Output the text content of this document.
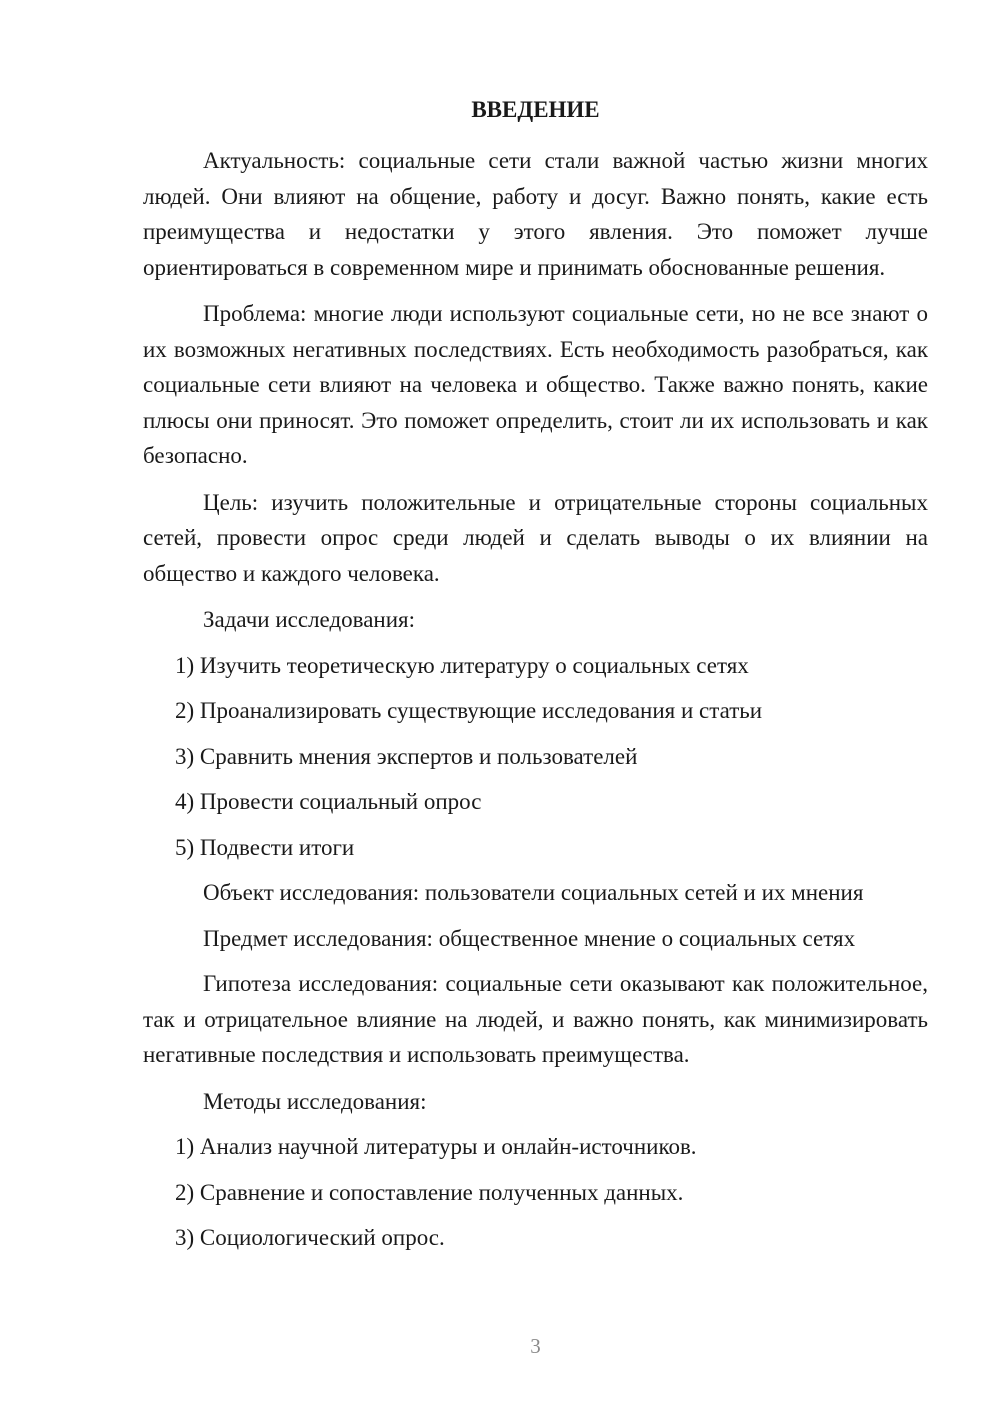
ВВЕДЕНИЕ

Актуальность: социальные сети стали важной частью жизни многих людей. Они влияют на общение, работу и досуг. Важно понять, какие есть преимущества и недостатки у этого явления. Это поможет лучше ориентироваться в современном мире и принимать обоснованные решения.

Проблема: многие люди используют социальные сети, но не все знают о их возможных негативных последствиях. Есть необходимость разобраться, как социальные сети влияют на человека и общество. Также важно понять, какие плюсы они приносят. Это поможет определить, стоит ли их использовать и как безопасно.

Цель: изучить положительные и отрицательные стороны социальных сетей, провести опрос среди людей и сделать выводы о их влиянии на общество и каждого человека.

Задачи исследования:
1) Изучить теоретическую литературу о социальных сетях
2) Проанализировать существующие исследования и статьи
3) Сравнить мнения экспертов и пользователей
4) Провести социальный опрос
5) Подвести итоги
Объект исследования: пользователи социальных сетей и их мнения
Предмет исследования: общественное мнение о социальных сетях

Гипотеза исследования: социальные сети оказывают как положительное, так и отрицательное влияние на людей, и важно понять, как минимизировать негативные последствия и использовать преимущества.

Методы исследования:
1) Анализ научной литературы и онлайн-источников.
2) Сравнение и сопоставление полученных данных.
3) Социологический опрос.
3
